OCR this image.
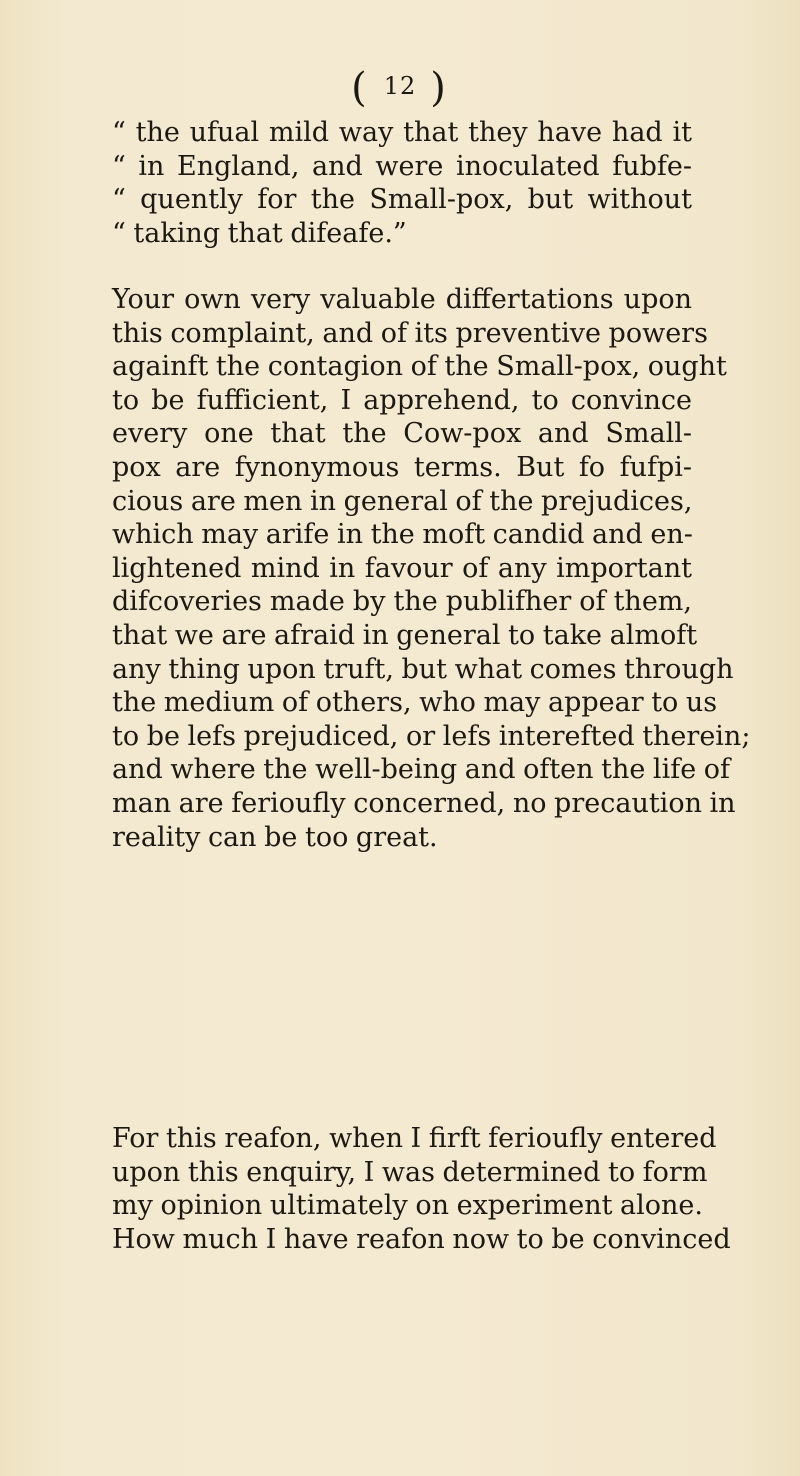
( 12 )
“ the ufual mild way that they have had it
“ in England, and were inoculated fubfe-
“ quently for the Small-pox, but without
“ taking that difeafe.”
Your own very valuable differtations upon
this complaint, and of its preventive powers
againft the contagion of the Small-pox, ought
to be fufficient, I apprehend, to convince
every one that the Cow-pox and Small-
pox are fynonymous terms. But fo fufpi-
cious are men in general of the prejudices,
which may arife in the moft candid and en-
lightened mind in favour of any important
difcoveries made by the publifher of them,
that we are afraid in general to take almoft
any thing upon truft, but what comes through
the medium of others, who may appear to us
to be lefs prejudiced, or lefs interefted therein;
and where the well-being and often the life of
man are ferioufly concerned, no precaution in
reality can be too great.
For this reafon, when I firft ferioufly entered
upon this enquiry, I was determined to form
my opinion ultimately on experiment alone.
How much I have reafon now to be convinced
